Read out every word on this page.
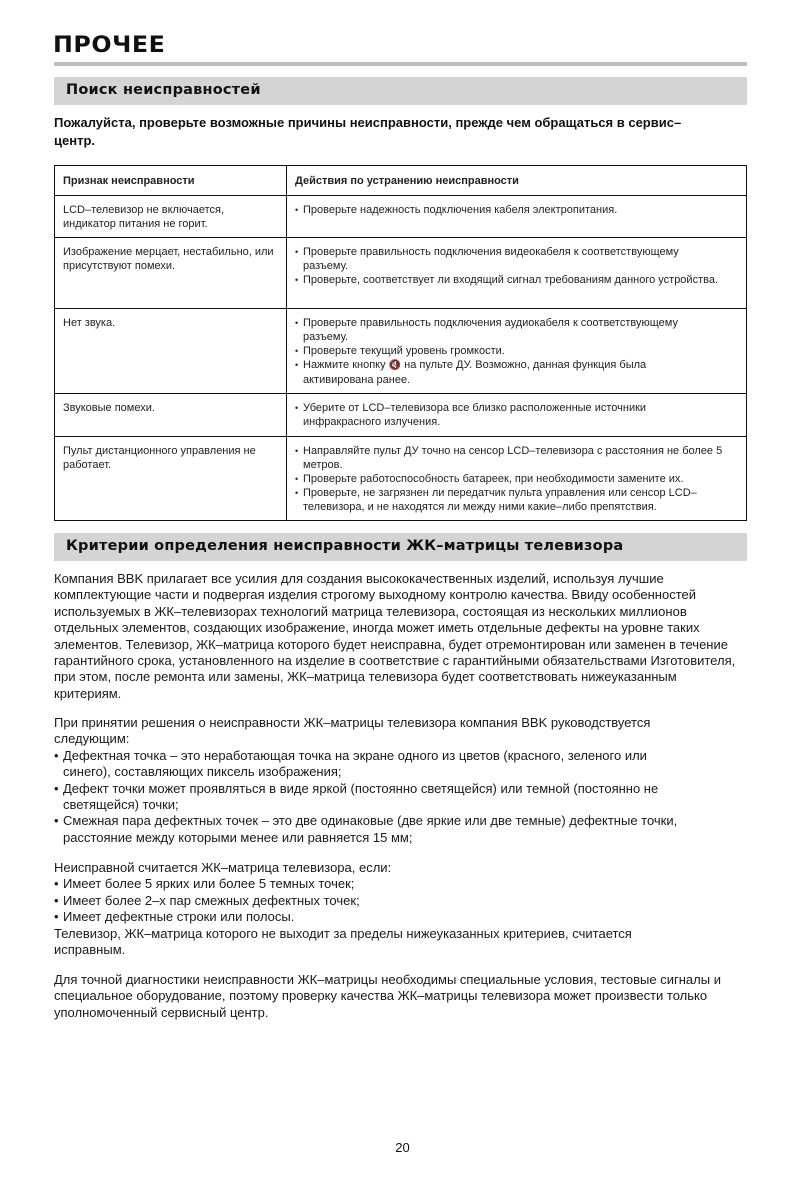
ПРОЧЕЕ
Поиск неисправностей
Пожалуйста, проверьте возможные причины неисправности, прежде чем обращаться в сервис–центр.
Признак неисправности	Действия по устранению неисправности
LCD–телевизор не включается, индикатор питания не горит.	
• Проверьте надежность подключения кабеля электропитания.

Изображение мерцает, нестабильно, или присутствуют помехи.	
• Проверьте правильность подключения видеокабеля к соответствующему разъему.
• Проверьте, соответствует ли входящий сигнал требованиям данного устройства.

Нет звука.	
•Проверьте правильность подключения аудиокабеля к соответствующему разъему.
• Проверьте текущий уровень громкости.
• Нажмите кнопку 🔇 на пульте ДУ. Возможно, данная функция была активирована ранее.

Звуковые помехи.	
•Уберите от LCD–телевизора все близко расположенные источники инфракрасного излучения.

Пульт дистанционного управления не работает.	
• Направляйте пульт ДУ точно на сенсор LCD–телевизора с расстояния не более 5 метров.
• Проверьте работоспособность батареек, при необходимости замените их.
• Проверьте, не загрязнен ли передатчик пульта управления или сенсор LCD–телевизора, и не находятся ли между ними какие–либо препятствия.
Критерии определения неисправности ЖК–матрицы телевизора

Компания BBK прилагает все усилия для создания высококачественных изделий, используя лучшие комплектующие части и подвергая изделия строгому выходному контролю качества. Ввиду особенностей используемых в ЖК–телевизорах технологий матрица телевизора, состоящая из нескольких миллионов отдельных элементов, создающих изображение, иногда может иметь отдельные дефекты на уровне таких элементов. Телевизор, ЖК–матрица которого будет неисправна, будет отремонтирован или заменен в течение гарантийного срока, установленного на изделие в соответствие с гарантийными обязательствами Изготовителя, при этом, после ремонта или замены, ЖК–матрица телевизора будет соответствовать нижеуказанным критериям.

При принятии решения о неисправности ЖК–матрицы телевизора компания BBK руководствуется следующим:

• Дефектная точка – это неработающая точка на экране одного из цветов (красного, зеленого или синего), составляющих пиксель изображения;
• Дефект точки может проявляться в виде яркой (постоянно светящейся) или темной (постоянно не светящейся) точки;
• Смежная пара дефектных точек – это две одинаковые (две яркие или две темные) дефектные точки, расстояние между которыми менее или равняется 15 мм;

Неисправной считается ЖК–матрица телевизора, если:

• Имеет более 5 ярких или более 5 темных точек;
• Имеет более 2–х пар смежных дефектных точек;
• Имеет дефектные строки или полосы.

Телевизор, ЖК–матрица которого не выходит за пределы нижеуказанных критериев, считается исправным.

Для точной диагностики неисправности ЖК–матрицы необходимы специальные условия, тестовые сигналы и специальное оборудование, поэтому проверку качества ЖК–матрицы телевизора может произвести только уполномоченный сервисный центр.

20
